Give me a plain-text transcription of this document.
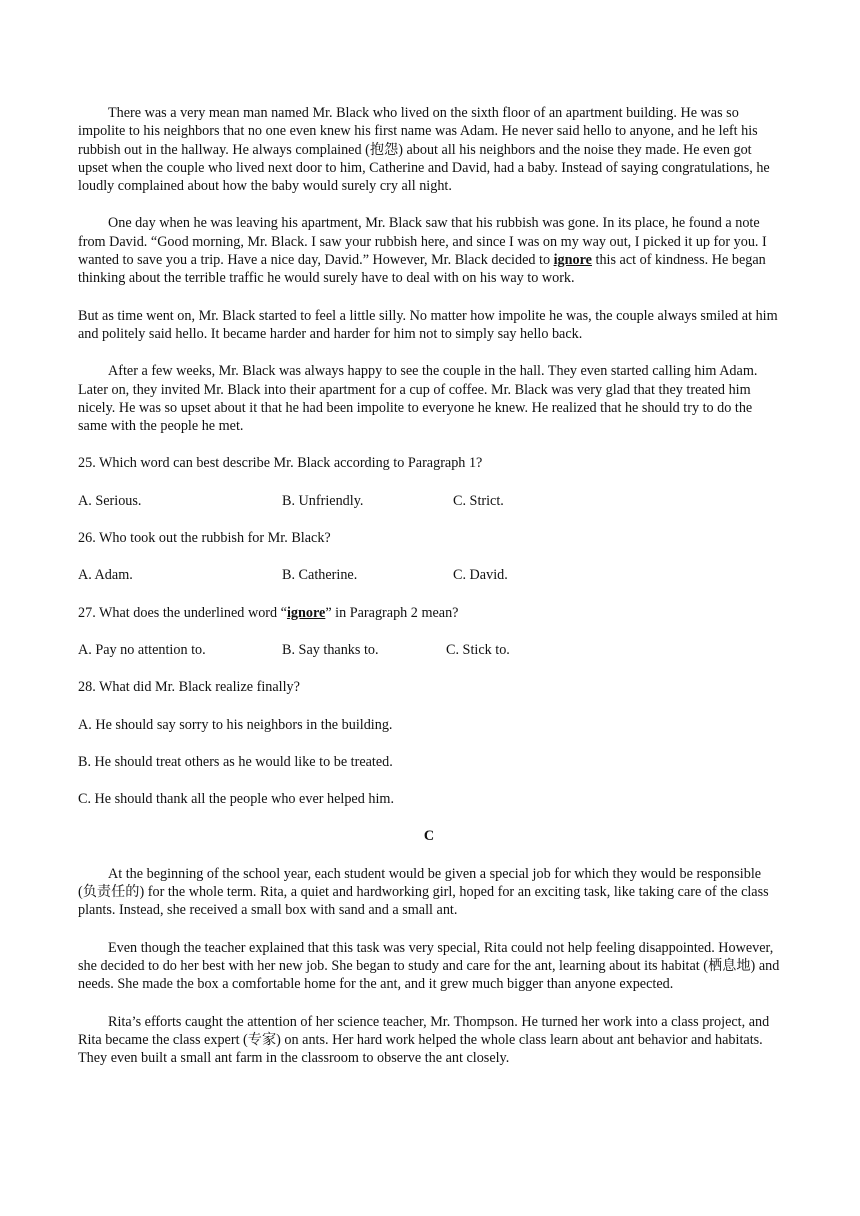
There was a very mean man named Mr. Black who lived on the sixth floor of an apartment building. He was so impolite to his neighbors that no one even knew his first name was Adam. He never said hello to anyone, and he left his rubbish out in the hallway. He always complained (抱怨) about all his neighbors and the noise they made. He even got upset when the couple who lived next door to him, Catherine and David, had a baby. Instead of saying congratulations, he loudly complained about how the baby would surely cry all night.

One day when he was leaving his apartment, Mr. Black saw that his rubbish was gone. In its place, he found a note from David. “Good morning, Mr. Black. I saw your rubbish here, and since I was on my way out, I picked it up for you. I wanted to save you a trip. Have a nice day, David.” However, Mr. Black decided to ignore this act of kindness. He began thinking about the terrible traffic he would surely have to deal with on his way to work.

But as time went on, Mr. Black started to feel a little silly. No matter how impolite he was, the couple always smiled at him and politely said hello. It became harder and harder for him not to simply say hello back.

After a few weeks, Mr. Black was always happy to see the couple in the hall. They even started calling him Adam. Later on, they invited Mr. Black into their apartment for a cup of coffee. Mr. Black was very glad that they treated him nicely. He was so upset about it that he had been impolite to everyone he knew. He realized that he should try to do the same with the people he met.

25. Which word can best describe Mr. Black according to Paragraph 1?

A. Serious.	B. Unfriendly.	C. Strict.

26. Who took out the rubbish for Mr. Black?

A. Adam.	B. Catherine.	C. David.

27. What does the underlined word “ignore” in Paragraph 2 mean?

A. Pay no attention to.	B. Say thanks to.	C. Stick to.

28. What did Mr. Black realize finally?

A. He should say sorry to his neighbors in the building.

B. He should treat others as he would like to be treated.

C. He should thank all the people who ever helped him.

C

At the beginning of the school year, each student would be given a special job for which they would be responsible (负责任的) for the whole term. Rita, a quiet and hardworking girl, hoped for an exciting task, like taking care of the class plants. Instead, she received a small box with sand and a small ant.

Even though the teacher explained that this task was very special, Rita could not help feeling disappointed. However, she decided to do her best with her new job. She began to study and care for the ant, learning about its habitat (栖息地) and needs. She made the box a comfortable home for the ant, and it grew much bigger than anyone expected.

Rita’s efforts caught the attention of her science teacher, Mr. Thompson. He turned her work into a class project, and Rita became the class expert (专家) on ants. Her hard work helped the whole class learn about ant behavior and habitats. They even built a small ant farm in the classroom to observe the ant closely.
